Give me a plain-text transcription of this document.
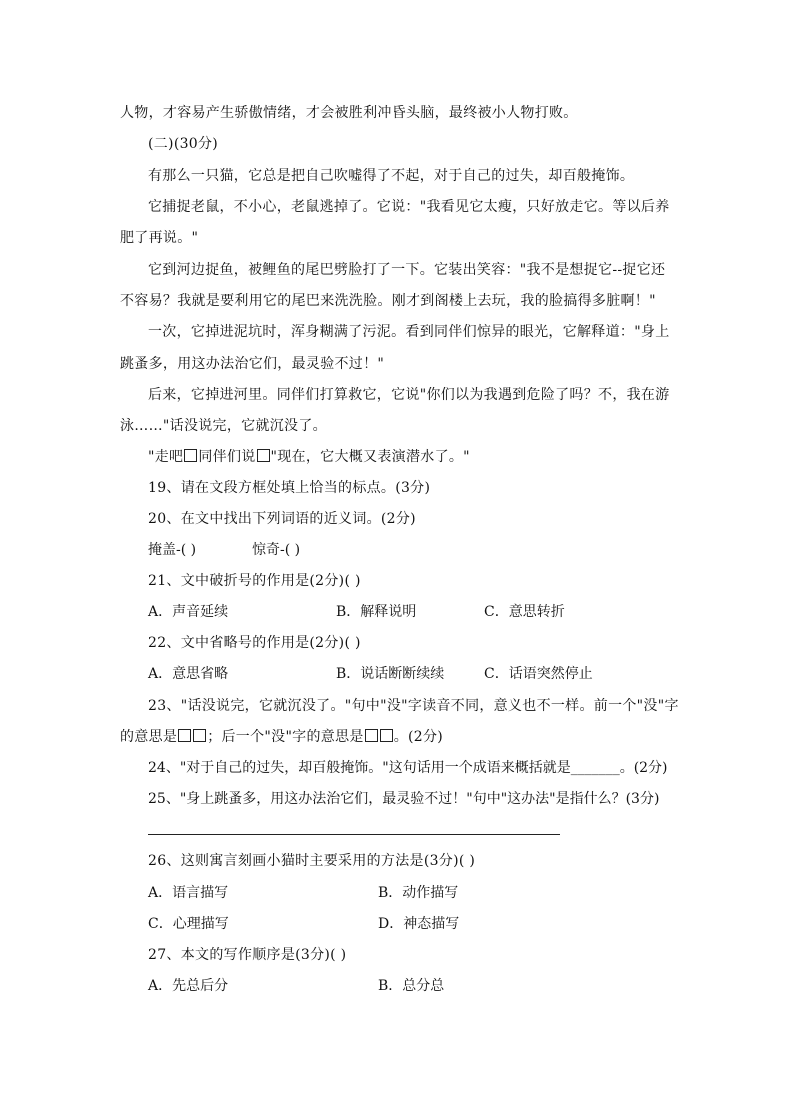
人物，才容易产生骄傲情绪，才会被胜利冲昏头脑，最终被小人物打败。
(二)(30分)
有那么一只猫，它总是把自己吹嘘得了不起，对于自己的过失，却百般掩饰。
它捕捉老鼠，不小心，老鼠逃掉了。它说："我看见它太瘦，只好放走它。等以后养
肥了再说。"
它到河边捉鱼，被鲤鱼的尾巴劈脸打了一下。它装出笑容："我不是想捉它--捉它还
不容易？我就是要利用它的尾巴来洗洗脸。刚才到阁楼上去玩，我的脸搞得多脏啊！"
一次，它掉进泥坑时，浑身糊满了污泥。看到同伴们惊异的眼光，它解释道："身上
跳蚤多，用这办法治它们，最灵验不过！"
后来，它掉进河里。同伴们打算救它，它说"你们以为我遇到危险了吗？不，我在游
泳……"话没说完，它就沉没了。
"走吧 同伴们说 "现在，它大概又表演潜水了。"
19、请在文段方框处填上恰当的标点。(3分)
20、在文中找出下列词语的近义词。(2分)
掩盖-( )	惊奇-( )
21、文中破折号的作用是(2分)( )
A．声音延续	B．解释说明	C．意思转折
22、文中省略号的作用是(2分)( )
A．意思省略	B．说话断断续续	C．话语突然停止
23、"话没说完，它就沉没了。"句中"没"字读音不同，意义也不一样。前一个"没"字
的意思是 ；后一个"没"字的意思是 。(2分)
24、"对于自己的过失，却百般掩饰。"这句话用一个成语来概括就是_______。(2分)
25、"身上跳蚤多，用这办法治它们，最灵验不过！"句中"这办法"是指什么？(3分)
26、这则寓言刻画小猫时主要采用的方法是(3分)( )
A．语言描写	B．动作描写
C．心理描写	D．神态描写
27、本文的写作顺序是(3分)( )
A．先总后分	B．总分总
